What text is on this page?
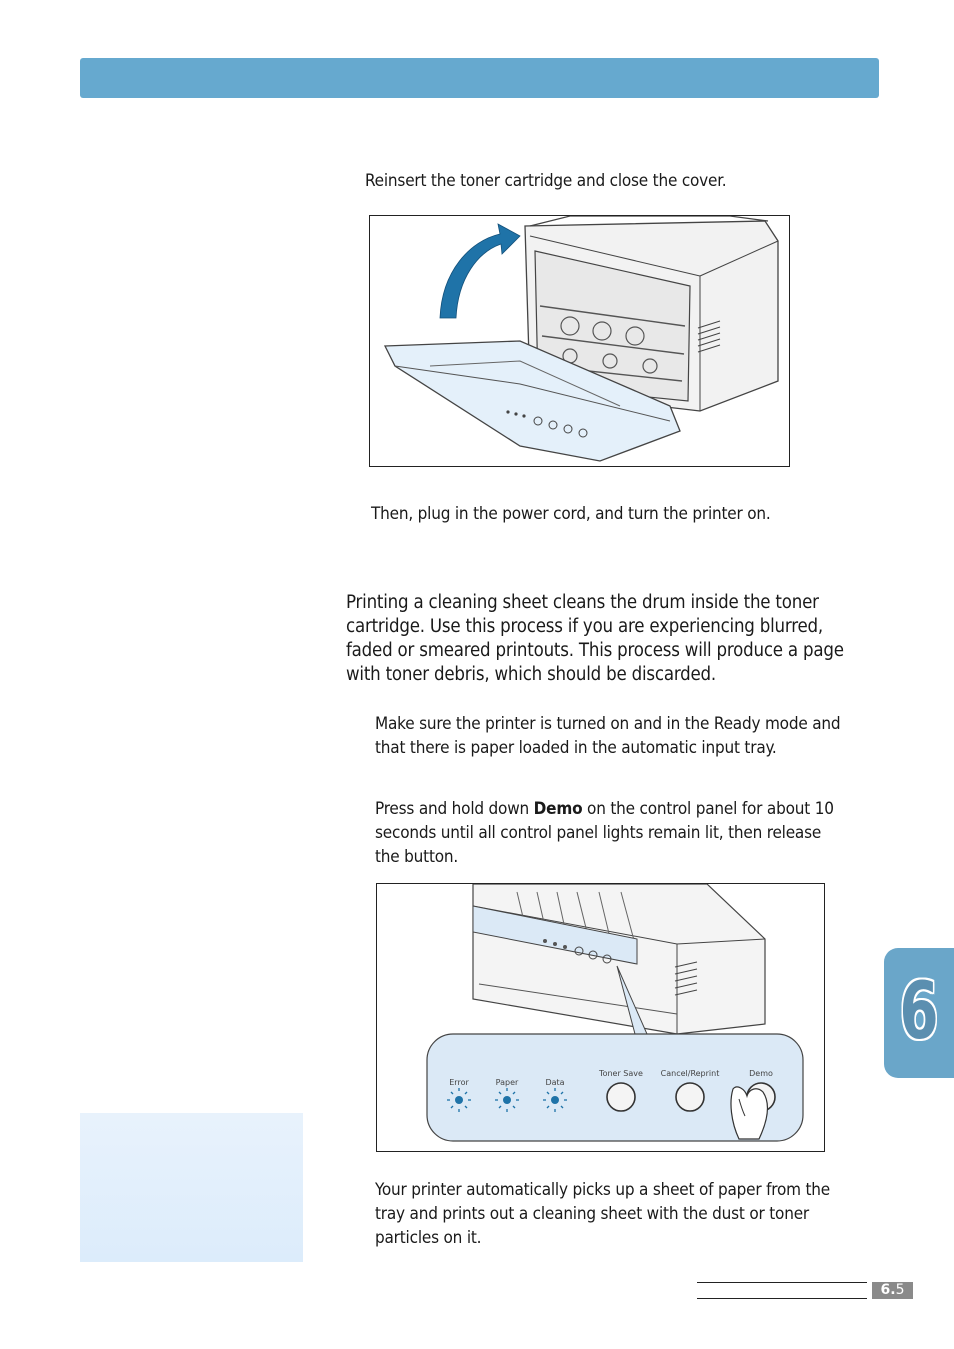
Reinsert the toner cartridge and close the cover.
Then, plug in the power cord, and turn the printer on.
Printing a cleaning sheet cleans the drum inside the toner
cartridge. Use this process if you are experiencing blurred,
faded or smeared printouts. This process will produce a page
with toner debris, which should be discarded.
Make sure the printer is turned on and in the Ready mode and
that there is paper loaded in the automatic input tray.
Press and hold down Demo on the control panel for about 10
seconds until all control panel lights remain lit, then release
the button.
Error	Paper	Data
Toner Save Cancel/Reprint	Demo
Your printer automatically picks up a sheet of paper from the
tray and prints out a cleaning sheet with the dust or toner
particles on it.
6
6.5
